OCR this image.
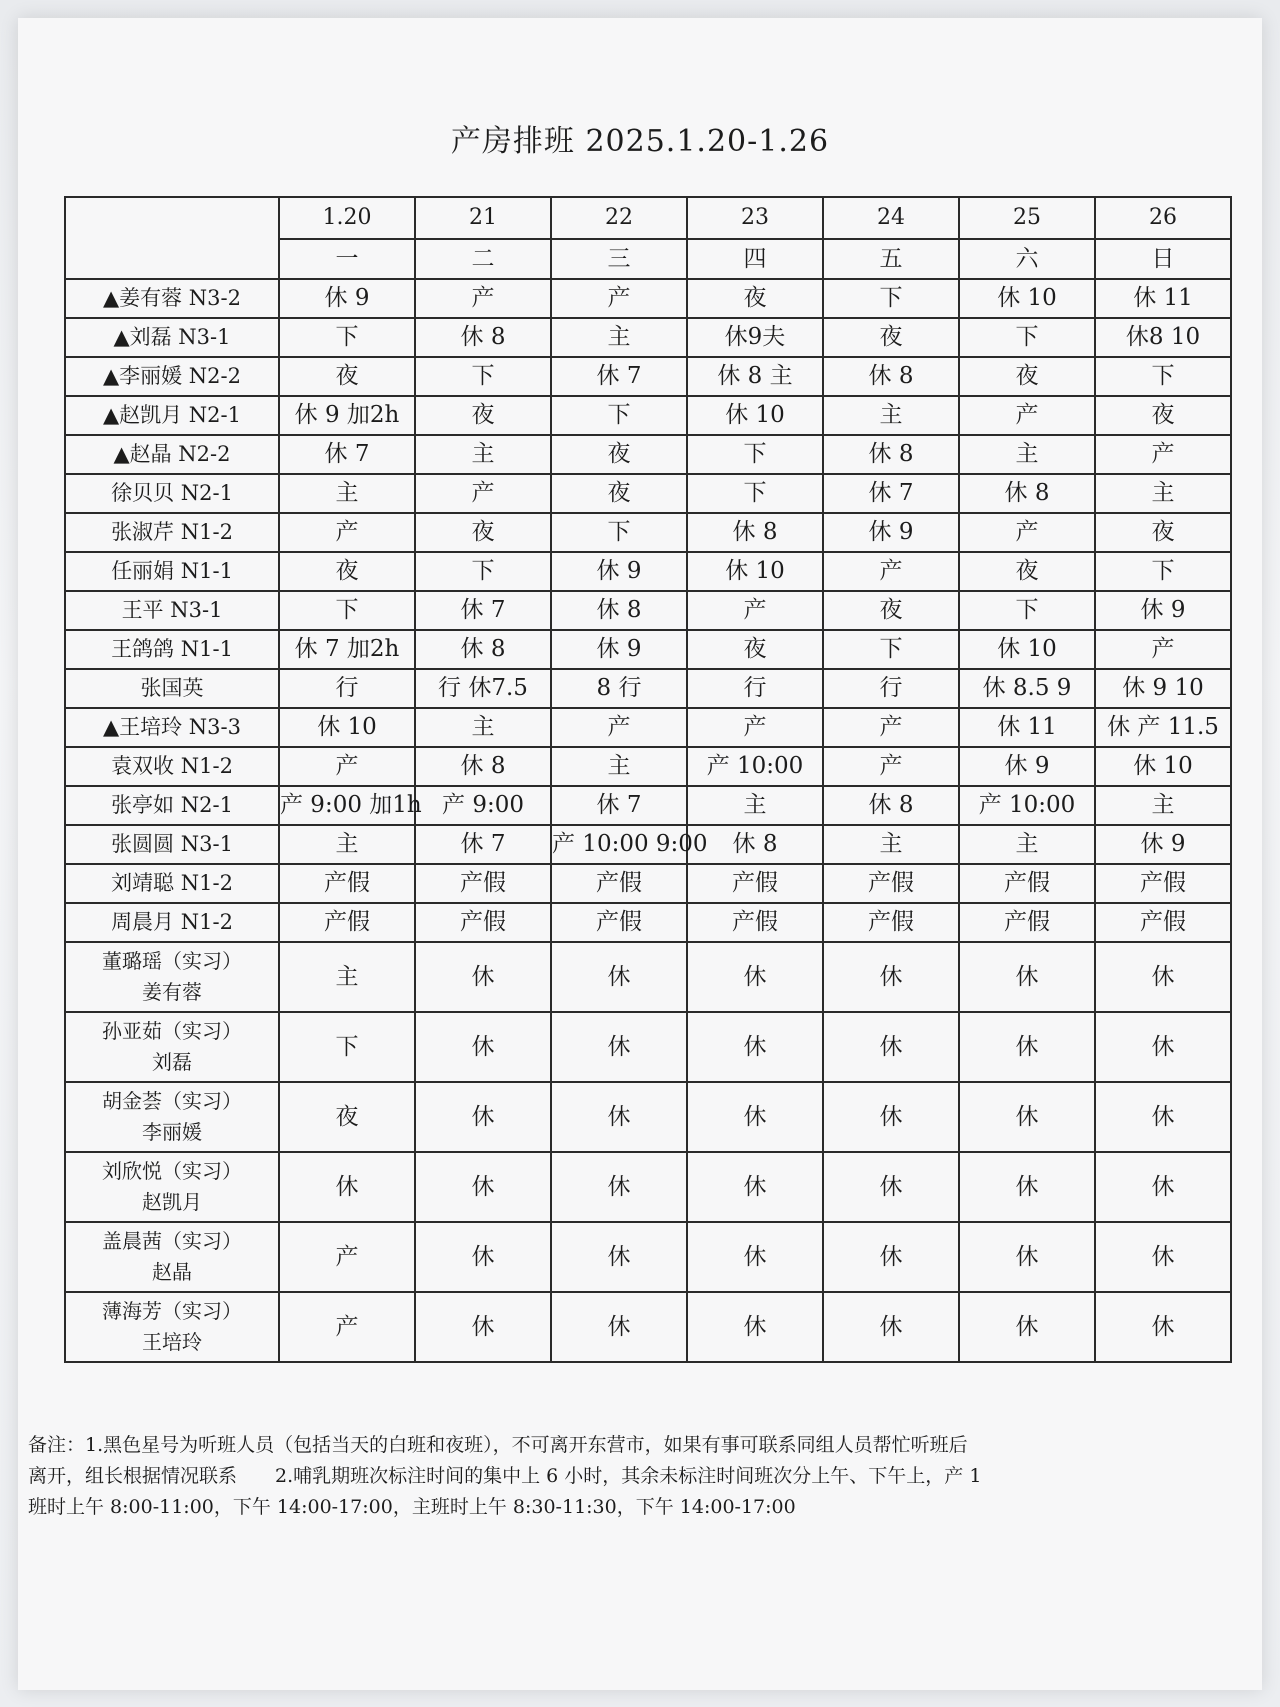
产房排班 2025.1.20-1.26
	1.20	21	22	23	24	25	26
	一	二	三	四	五	六	日
▲姜有蓉 N3-2	休 9	产	产	夜	下	休 10	休 11
▲刘磊 N3-1	下	休 8	主	休9夫	夜	下	休8 10
▲李丽媛 N2-2	夜	下	休 7	休 8 主	休 8	夜	下
▲赵凯月 N2-1	休 9 加2h	夜	下	休 10	主	产	夜
▲赵晶 N2-2	休 7	主	夜	下	休 8	主	产
徐贝贝 N2-1	主	产	夜	下	休 7	休 8	主
张淑芹 N1-2	产	夜	下	休 8	休 9	产	夜
任丽娟 N1-1	夜	下	休 9	休 10	产	夜	下
王平 N3-1	下	休 7	休 8	产	夜	下	休 9
王鸽鸽 N1-1	休 7 加2h	休 8	休 9	夜	下	休 10	产
张国英	行	行 休7.5	8 行	行	行	休 8.5 9	休 9 10
▲王培玲 N3-3	休 10	主	产	产	产	休 11	休 产 11.5
袁双收 N1-2	产	休 8	主	产 10:00	产	休 9	休 10
张亭如 N2-1	产 9:00 加1h	产 9:00	休 7	主	休 8	产 10:00	主
张圆圆 N3-1	主	休 7	产 10:00 9:00	休 8	主	主	休 9
刘靖聪 N1-2	产假	产假	产假	产假	产假	产假	产假
周晨月 N1-2	产假	产假	产假	产假	产假	产假	产假

董璐瑶（实习）
姜有蓉	主	休	休	休	休	休	休

孙亚茹（实习）
刘磊	下	休	休	休	休	休	休

胡金荟（实习）
李丽媛	夜	休	休	休	休	休	休

刘欣悦（实习）
赵凯月	休	休	休	休	休	休	休

盖晨茜（实习）
赵晶	产	休	休	休	休	休	休

薄海芳（实习）
王培玲	产	休	休	休	休	休	休
备注：1.黑色星号为听班人员（包括当天的白班和夜班），不可离开东营市，如果有事可联系同组人员帮忙听班后
离开，组长根据情况联系　　2.哺乳期班次标注时间的集中上 6 小时，其余未标注时间班次分上午、下午上，产 1
班时上午 8:00-11:00，下午 14:00-17:00，主班时上午 8:30-11:30，下午 14:00-17:00
